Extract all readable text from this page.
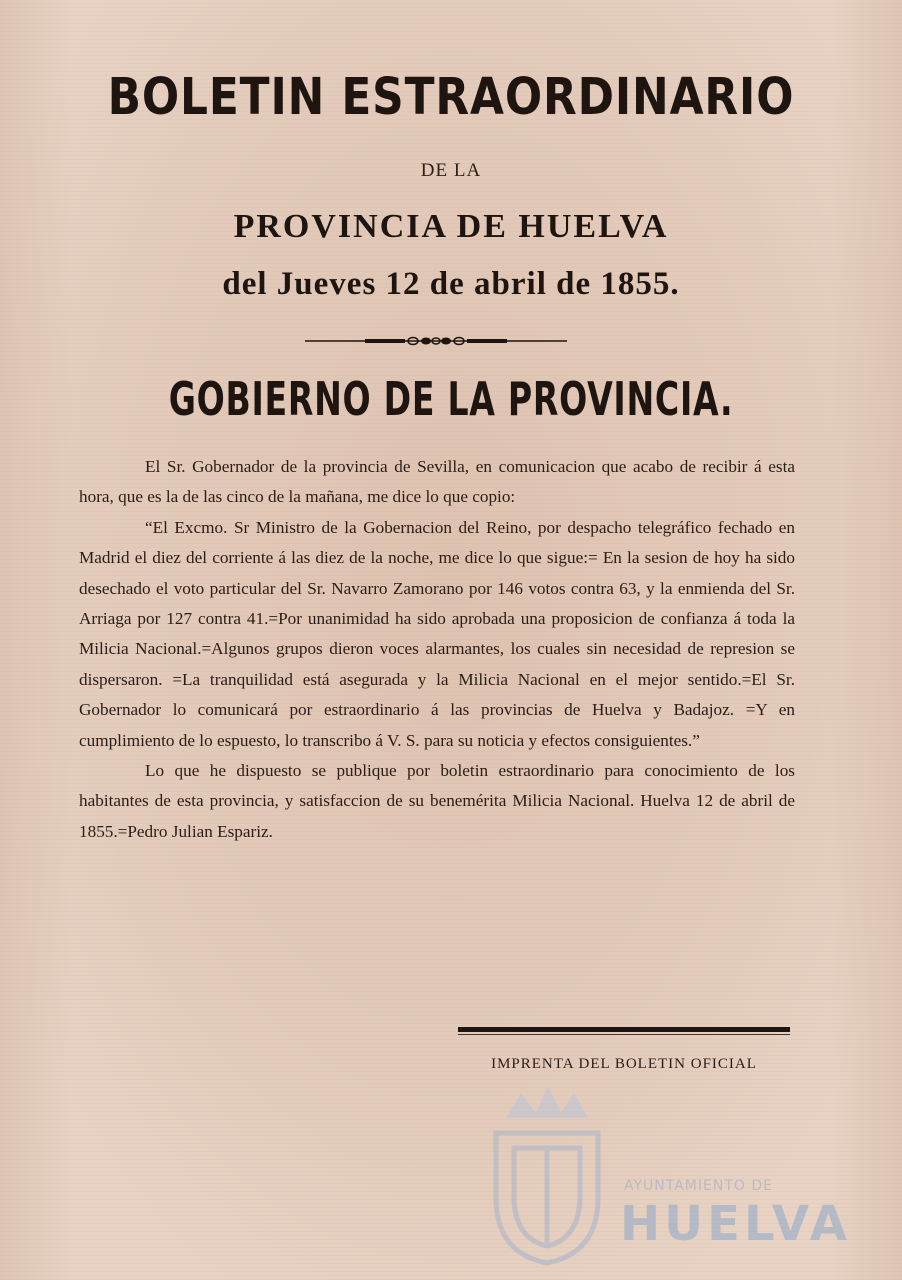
BOLETIN ESTRAORDINARIO
DE LA
PROVINCIA DE HUELVA
del Jueves 12 de abril de 1855.
GOBIERNO DE LA PROVINCIA.

El Sr. Gobernador de la provincia de Sevilla, en comunicacion que acabo de recibir á esta hora, que es la de las cinco de la mañana, me dice lo que copio:

“El Excmo. Sr Ministro de la Gobernacion del Reino, por despacho telegráfico fechado en Madrid el diez del corriente á las diez de la noche, me dice lo que sigue:= En la sesion de hoy ha sido desechado el voto particular del Sr. Navarro Zamorano por 146 votos contra 63, y la enmienda del Sr. Arriaga por 127 contra 41.=Por unanimidad ha sido aprobada una proposicion de confianza á toda la Milicia Nacional.=Algunos grupos dieron voces alarmantes, los cuales sin necesidad de represion se dispersaron. =La tranquilidad está asegurada y la Milicia Nacional en el mejor sentido.=El Sr. Gobernador lo comunicará por estraordinario á las provincias de Huelva y Badajoz. =Y en cumplimiento de lo espuesto, lo transcribo á V. S. para su noticia y efectos consiguientes.”

Lo que he dispuesto se publique por boletin estraordinario para conocimiento de los habitantes de esta provincia, y satisfaccion de su benemérita Milicia Nacional. Huelva 12 de abril de 1855.=Pedro Julian Espariz.

IMPRENTA DEL BOLETIN OFICIAL
AYUNTAMIENTO DE
HUELVA
